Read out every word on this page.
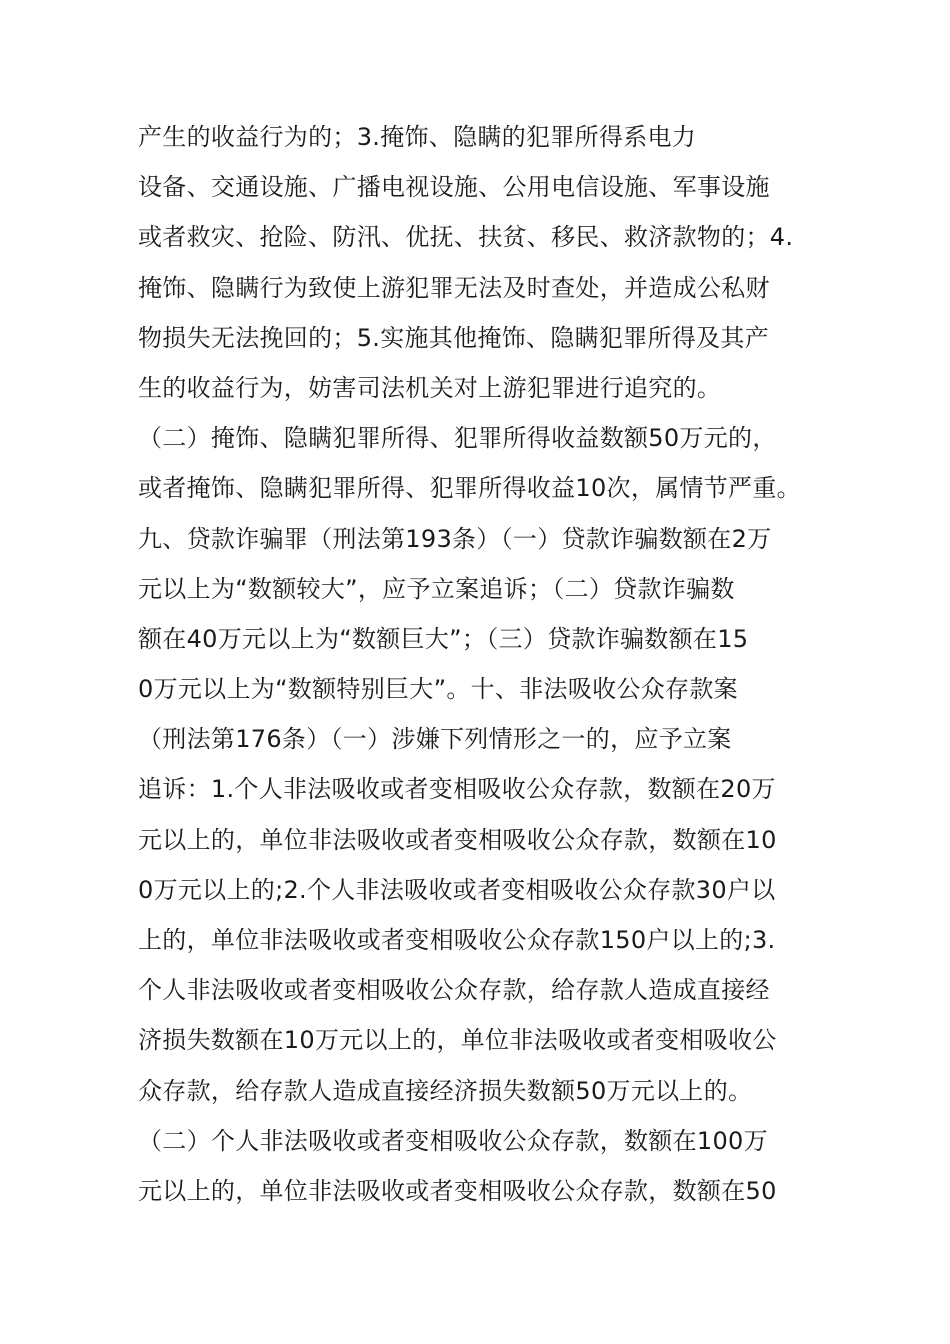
产生的收益行为的；3.掩饰、隐瞒的犯罪所得系电力
设备、交通设施、广播电视设施、公用电信设施、军事设施
或者救灾、抢险、防汛、优抚、扶贫、移民、救济款物的；4.
掩饰、隐瞒行为致使上游犯罪无法及时查处，并造成公私财
物损失无法挽回的；5.实施其他掩饰、隐瞒犯罪所得及其产
生的收益行为，妨害司法机关对上游犯罪进行追究的。
（二）掩饰、隐瞒犯罪所得、犯罪所得收益数额50万元的，
或者掩饰、隐瞒犯罪所得、犯罪所得收益10次，属情节严重。
九、贷款诈骗罪（刑法第193条）（一）贷款诈骗数额在2万
元以上为“数额较大”，应予立案追诉；（二）贷款诈骗数
额在40万元以上为“数额巨大”；（三）贷款诈骗数额在15
0万元以上为“数额特别巨大”。十、非法吸收公众存款案
（刑法第176条）（一）涉嫌下列情形之一的，应予立案
追诉：1.个人非法吸收或者变相吸收公众存款，数额在20万
元以上的，单位非法吸收或者变相吸收公众存款，数额在10
0万元以上的;2.个人非法吸收或者变相吸收公众存款30户以
上的，单位非法吸收或者变相吸收公众存款150户以上的;3.
个人非法吸收或者变相吸收公众存款，给存款人造成直接经
济损失数额在10万元以上的，单位非法吸收或者变相吸收公
众存款，给存款人造成直接经济损失数额50万元以上的。
（二）个人非法吸收或者变相吸收公众存款，数额在100万
元以上的，单位非法吸收或者变相吸收公众存款，数额在50
